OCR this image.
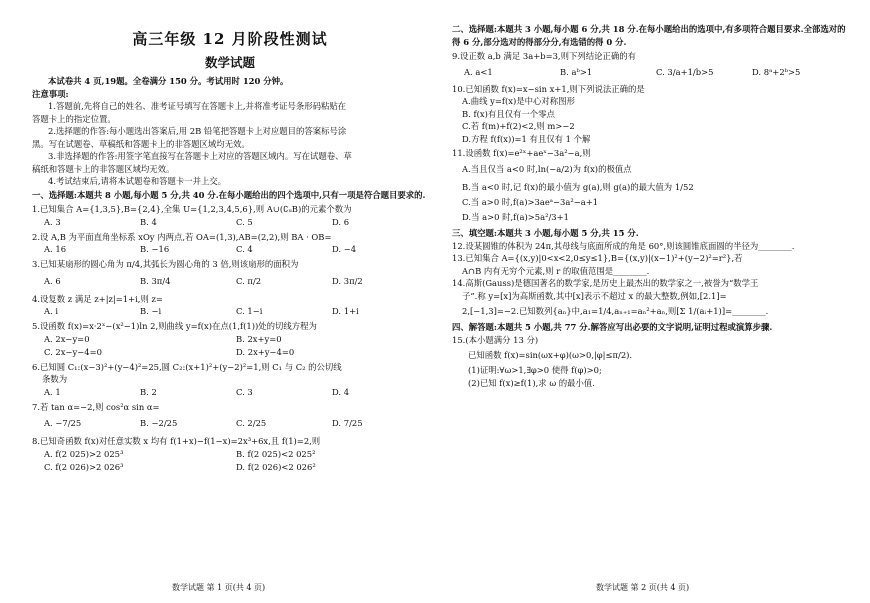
高三年级 12 月阶段性测试
数学试题
本试卷共 4 页,19题。全卷满分 150 分。考试用时 120 分钟。
注意事项:
1.答题前,先将自己的姓名、准考证号填写在答题卡上,并将准考证号条形码粘贴在
答题卡上的指定位置。
2.选择题的作答:每小题选出答案后,用 2B 铅笔把答题卡上对应题目的答案标号涂
黑。写在试题卷、草稿纸和答题卡上的非答题区域均无效。
3.非选择题的作答:用签字笔直接写在答题卡上对应的答题区域内。写在试题卷、草
稿纸和答题卡上的非答题区域均无效。
4.考试结束后,请将本试题卷和答题卡一并上交。
一、选择题:本题共 8 小题,每小题 5 分,共 40 分.在每小题给出的四个选项中,只有一项是符合题目要求的.
1.已知集合 A={1,3,5},B={2,4},全集 U={1,2,3,4,5,6},则 A∪(∁ᵤB)的元素个数为
A. 3	B. 4	C. 5	D. 6
2.设 A,B 为平面直角坐标系 xOy 内两点,若 OA=(1,3),AB=(2,2),则 BA · OB=
A. 16	B. −16	C. 4	D. −4
3.已知某扇形的圆心角为 π/4,其弧长为圆心角的 3 倍,则该扇形的面积为
A. 6	B. 3π/4	C. π/2	D. 3π/2
4.设复数 z 满足 z+|z|=1+i,则 z=
A. i	B. −i	C. 1−i	D. 1+i
5.设函数 f(x)=x·2ˣ−(x²−1)ln 2,则曲线 y=f(x)在点(1,f(1))处的切线方程为
A. 2x−y=0	B. 2x+y=0
C. 2x−y−4=0	D. 2x+y−4=0
6.已知圆 C₁:(x−3)²+(y−4)²=25,圆 C₂:(x+1)²+(y−2)²=1,则 C₁ 与 C₂ 的公切线
条数为
A. 1	B. 2	C. 3	D. 4
7.若 tan α=−2,则 cos²α sin α=
A. −7/25	B. −2/25	C. 2/25	D. 7/25
8.已知奇函数 f(x)对任意实数 x 均有 f(1+x)−f(1−x)=2x³+6x,且 f(1)=2,则
A. f(2 025)>2 025³	B. f(2 025)<2 025²
C. f(2 026)>2 026³	D. f(2 026)<2 026²
二、选择题:本题共 3 小题,每小题 6 分,共 18 分.在每小题给出的选项中,有多项符合题目要求.全部选对的得 6 分,部分选对的得部分分,有选错的得 0 分.
9.设正数 a,b 满足 3a+b=3,则下列结论正确的有
A. a<1	B. aᵇ>1	C. 3/a+1/b>5	D. 8ᵃ+2ᵇ>5
10.已知函数 f(x)=x−sin x+1,则下列说法正确的是
A.曲线 y=f(x)是中心对称图形
B. f(x)有且仅有一个零点
C.若 f(m)+f(2)<2,则 m>−2
D.方程 f(f(x))=1 有且仅有 1 个解
11.设函数 f(x)=e²ˣ+aeˣ−3a²−a,则
A.当且仅当 a<0 时,ln(−a/2)为 f(x)的极值点
B.当 a<0 时,记 f(x)的最小值为 g(a),则 g(a)的最大值为 1/52
C.当 a>0 时,f(a)>3aeᵃ−3a²−a+1
D.当 a>0 时,f(a)>5a²/3+1
三、填空题:本题共 3 小题,每小题 5 分,共 15 分.
12.设某圆锥的体积为 24π,其母线与底面所成的角是 60°,则该圆锥底面圆的半径为________.
13.已知集合 A={(x,y)|0<x<2,0≤y≤1},B={(x,y)|(x−1)²+(y−2)²=r²},若
A∩B 内有无穷个元素,则 r 的取值范围是________.
14.高斯(Gauss)是德国著名的数学家,是历史上最杰出的数学家之一,被誉为“数学王
子”.称 y=[x]为高斯函数,其中[x]表示不超过 x 的最大整数,例如,[2.1]=
2,[−1,3]=−2.已知数列{aₙ}中,a₁=1/4,aₙ₊₁=aₙ²+aₙ,则[Σ 1/(aᵢ+1)]=________.
四、解答题:本题共 5 小题,共 77 分.解答应写出必要的文字说明,证明过程或演算步骤.
15.(本小题满分 13 分)
已知函数 f(x)=sin(ωx+φ)(ω>0,|φ|≤π/2).
(1)证明:∀ω>1,∃φ>0 使得 f(φ)>0;
(2)已知 f(x)≥f(1),求 ω 的最小值.
数学试题 第 1 页(共 4 页)	数学试题 第 2 页(共 4 页)
